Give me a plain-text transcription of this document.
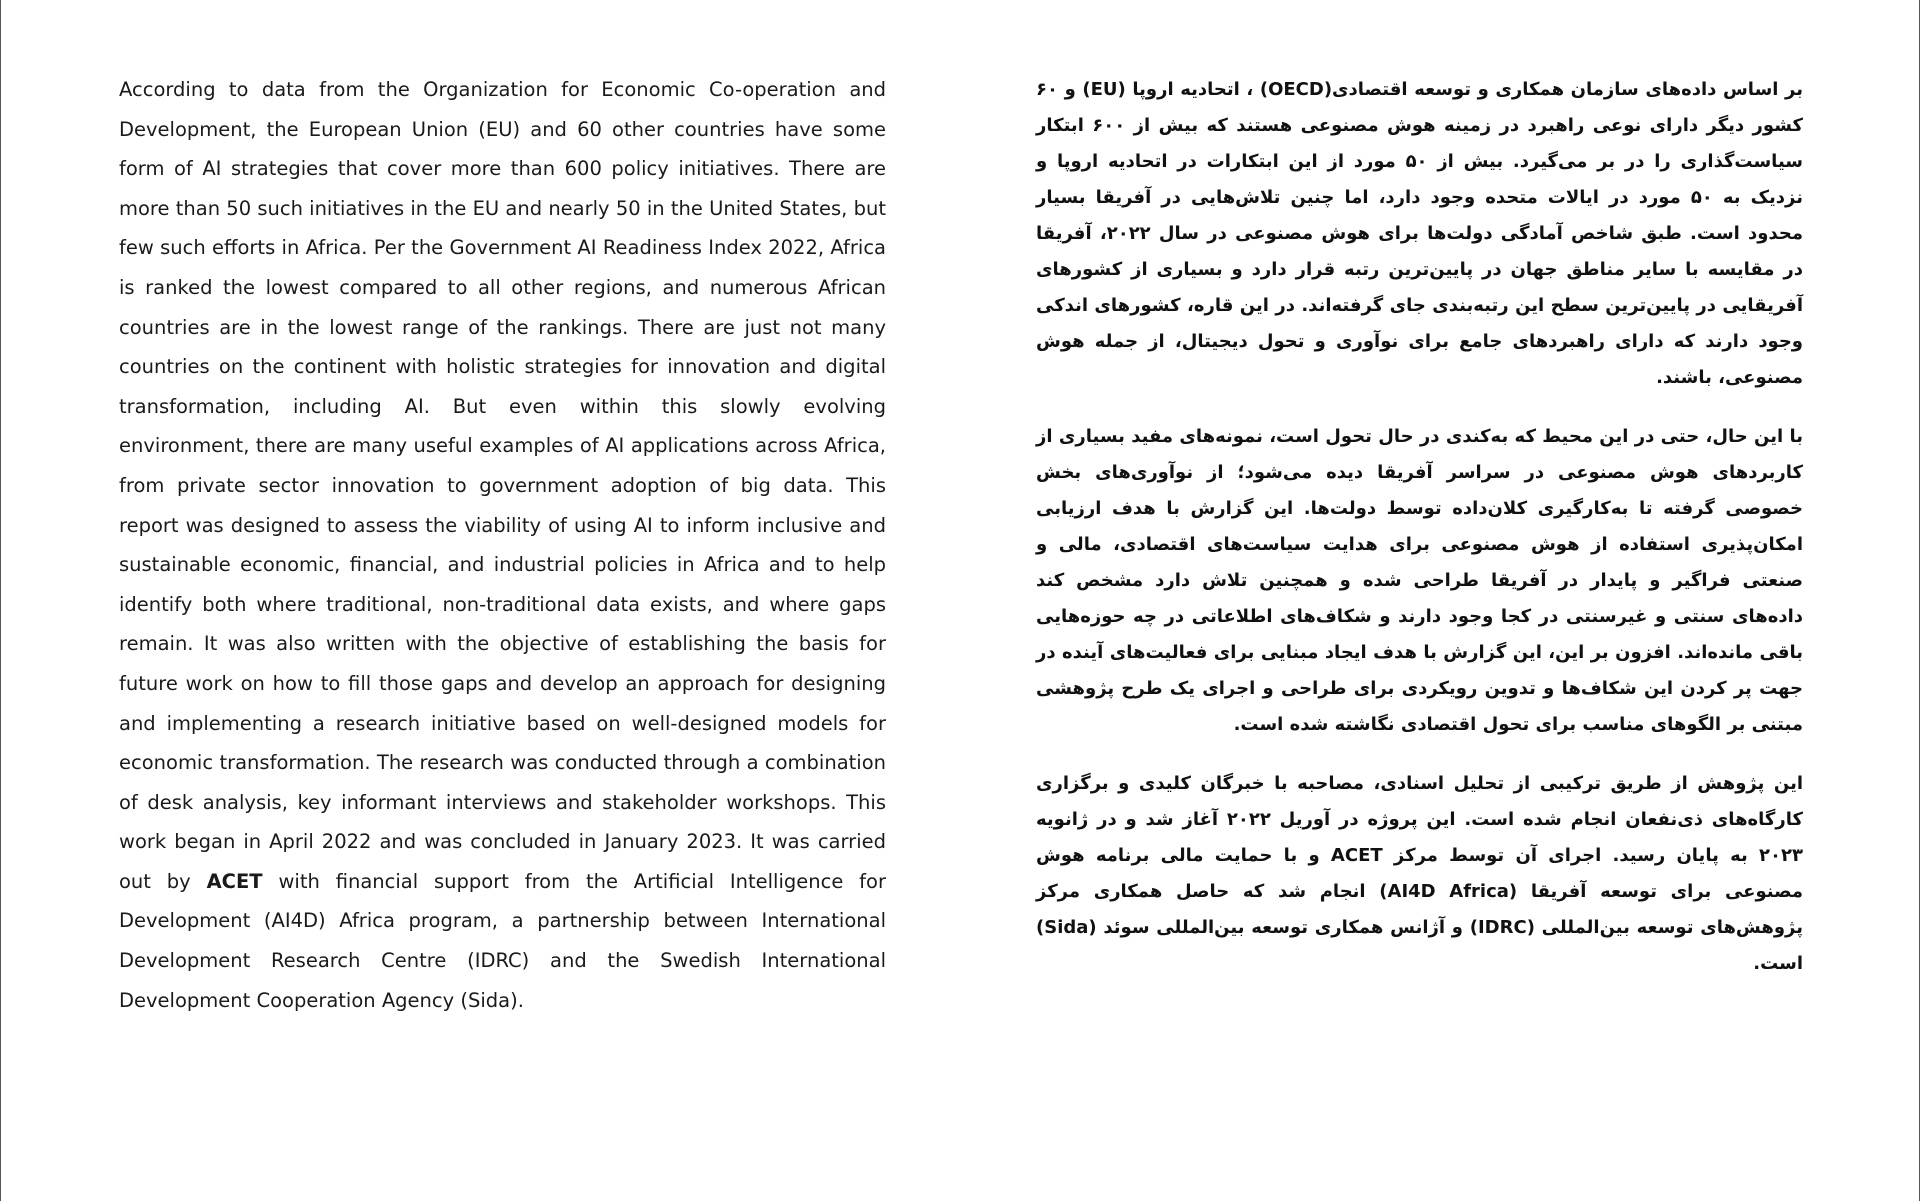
According to data from the Organization for Economic Co-operation and Development, the European Union (EU) and 60 other countries have some form of AI strategies that cover more than 600 policy initiatives. There are more than 50 such initiatives in the EU and nearly 50 in the United States, but few such efforts in Africa. Per the Government AI Readiness Index 2022, Africa is ranked the lowest compared to all other regions, and numerous African countries are in the lowest range of the rankings. There are just not many countries on the continent with holistic strategies for innovation and digital transformation, including AI. But even within this slowly evolving environment, there are many useful examples of AI applications across Africa, from private sector innovation to government adoption of big data. This report was designed to assess the viability of using AI to inform inclusive and sustainable economic, financial, and industrial policies in Africa and to help identify both where traditional, non-traditional data exists, and where gaps remain. It was also written with the objective of establishing the basis for future work on how to fill those gaps and develop an approach for designing and implementing a research initiative based on well-designed models for economic transformation. The research was conducted through a combination of desk analysis, key informant interviews and stakeholder workshops. This work began in April 2022 and was concluded in January 2023. It was carried out by ACET with financial support from the Artificial Intelligence for Development (AI4D) Africa program, a partnership between International Development Research Centre (IDRC) and the Swedish International Development Cooperation Agency (Sida).

بر اساس داده‌های سازمان همکاری و توسعه اقتصادی(OECD) ، اتحادیه اروپا (EU) و ۶۰ کشور دیگر دارای نوعی راهبرد در زمینه هوش مصنوعی هستند که بیش از ۶۰۰ ابتکار سیاست‌گذاری را در بر می‌گیرد. بیش از ۵۰ مورد از این ابتکارات در اتحادیه اروپا و نزدیک به ۵۰ مورد در ایالات متحده وجود دارد، اما چنین تلاش‌هایی در آفریقا بسیار محدود است. طبق شاخص آمادگی دولت‌ها برای هوش مصنوعی در سال ۲۰۲۲، آفریقا در مقایسه با سایر مناطق جهان در پایین‌ترین رتبه قرار دارد و بسیاری از کشورهای آفریقایی در پایین‌ترین سطح این رتبه‌بندی جای گرفته‌اند. در این قاره، کشورهای اندکی وجود دارند که دارای راهبردهای جامع برای نوآوری و تحول دیجیتال، از جمله هوش مصنوعی، باشند.

با این حال، حتی در این محیط که به‌کندی در حال تحول است، نمونه‌های مفید بسیاری از کاربردهای هوش مصنوعی در سراسر آفریقا دیده می‌شود؛ از نوآوری‌های بخش خصوصی گرفته تا به‌کارگیری کلان‌داده توسط دولت‌ها. این گزارش با هدف ارزیابی امکان‌پذیری استفاده از هوش مصنوعی برای هدایت سیاست‌های اقتصادی، مالی و صنعتی فراگیر و پایدار در آفریقا طراحی شده و همچنین تلاش دارد مشخص کند داده‌های سنتی و غیرسنتی در کجا وجود دارند و شکاف‌های اطلاعاتی در چه حوزه‌هایی باقی مانده‌اند. افزون بر این، این گزارش با هدف ایجاد مبنایی برای فعالیت‌های آینده در جهت پر کردن این شکاف‌ها و تدوین رویکردی برای طراحی و اجرای یک طرح پژوهشی مبتنی بر الگوهای مناسب برای تحول اقتصادی نگاشته شده است.

این پژوهش از طریق ترکیبی از تحلیل اسنادی، مصاحبه با خبرگان کلیدی و برگزاری کارگاه‌های ذی‌نفعان انجام شده است. این پروژه در آوریل ۲۰۲۲ آغاز شد و در ژانویه ۲۰۲۳ به پایان رسید. اجرای آن توسط مرکز ACET و با حمایت مالی برنامه هوش مصنوعی برای توسعه آفریقا (AI4D Africa) انجام شد که حاصل همکاری مرکز پژوهش‌های توسعه بین‌المللی (IDRC) و آژانس همکاری توسعه بین‌المللی سوئد (Sida) است.
